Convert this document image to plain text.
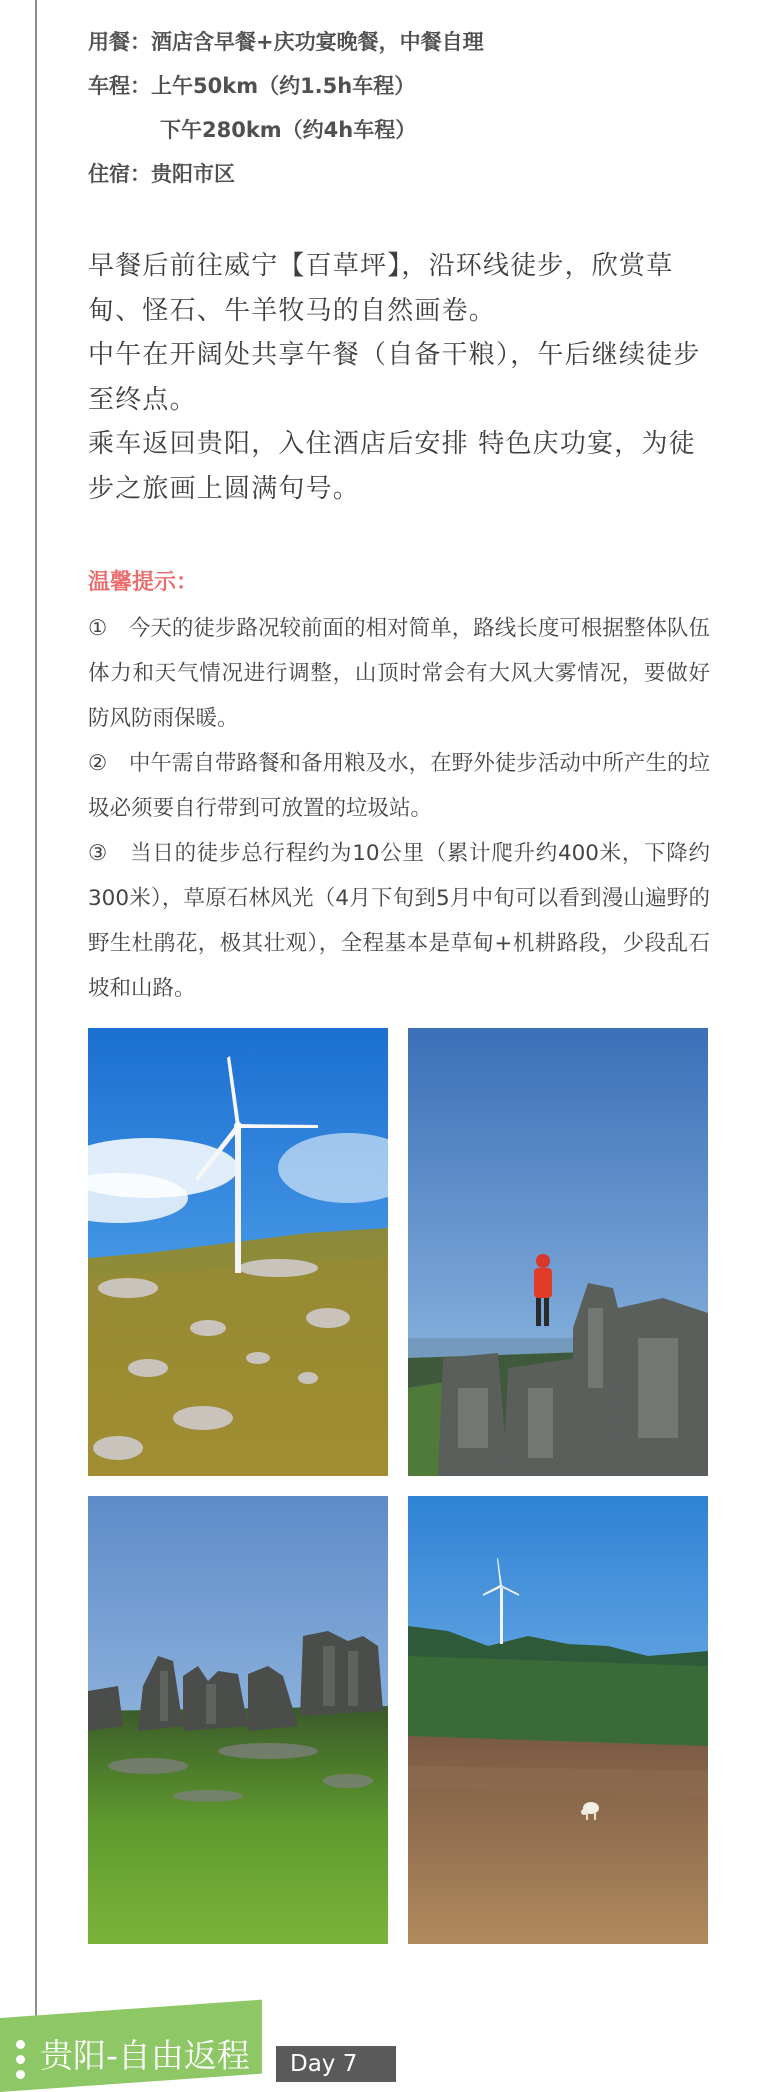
用餐：酒店含早餐+庆功宴晚餐，中餐自理
车程：上午50km（约1.5h车程）
下午280km（约4h车程）
住宿：贵阳市区

早餐后前往威宁【百草坪】，沿环线徒步，欣赏草甸、怪石、牛羊牧马的自然画卷。

中午在开阔处共享午餐（自备干粮），午后继续徒步至终点。

乘车返回贵阳，入住酒店后安排 特色庆功宴，为徒步之旅画上圆满句号。

温馨提示：

①　今天的徒步路况较前面的相对简单，路线长度可根据整体队伍体力和天气情况进行调整，山顶时常会有大风大雾情况，要做好防风防雨保暖。

②　中午需自带路餐和备用粮及水，在野外徒步活动中所产生的垃圾必须要自行带到可放置的垃圾站。

③　当日的徒步总行程约为10公里（累计爬升约400米，下降约300米），草原石林风光（4月下旬到5月中旬可以看到漫山遍野的野生杜鹃花，极其壮观），全程基本是草甸+机耕路段，少段乱石坡和山路。

贵阳-自由返程	Day 7
